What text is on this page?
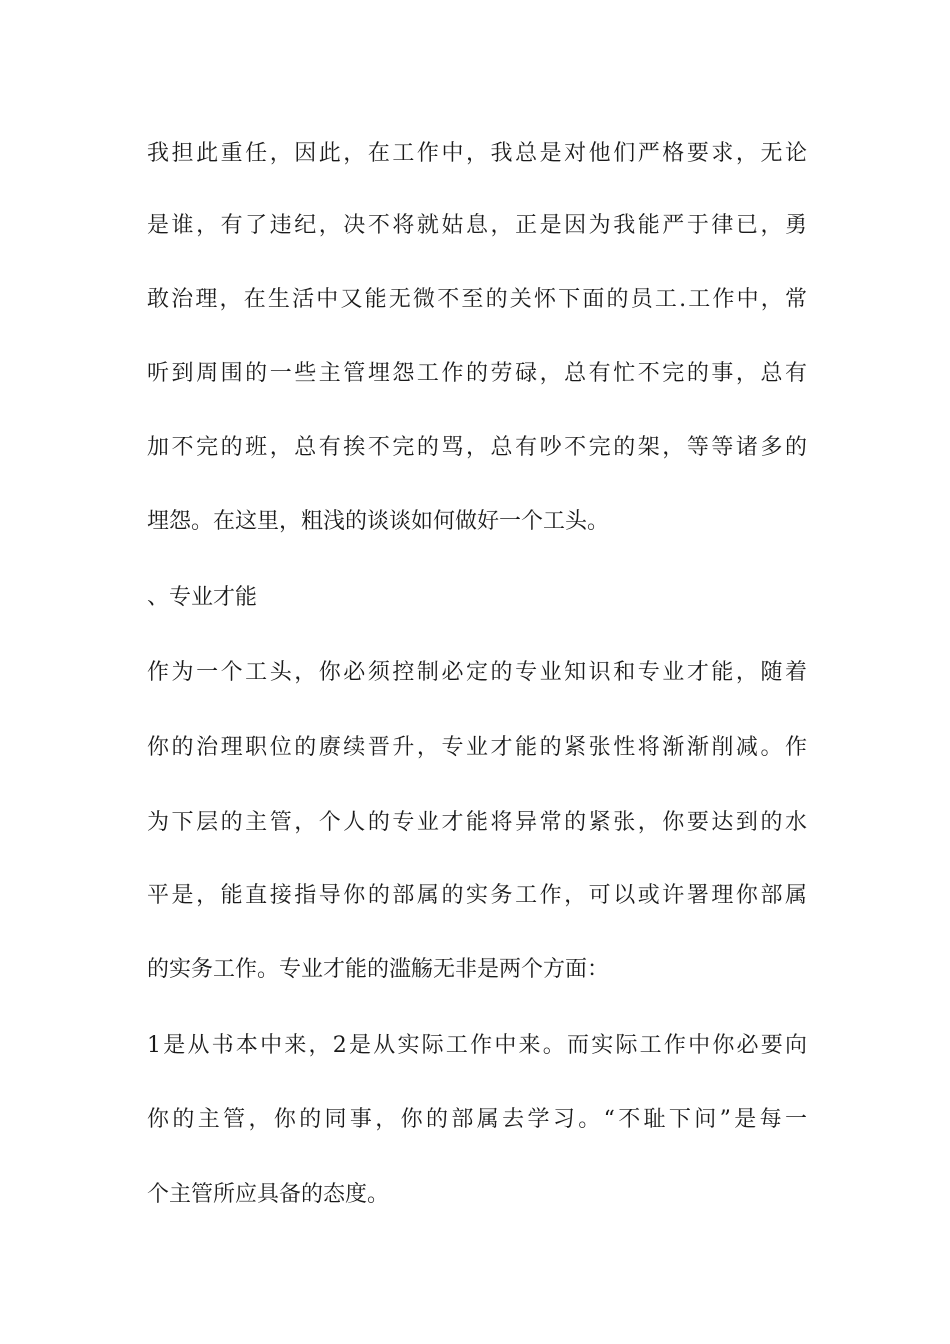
我担此重任，因此，在工作中，我总是对他们严格要求，无论
是谁，有了违纪，决不将就姑息，正是因为我能严于律已，勇
敢治理，在生活中又能无微不至的关怀下面的员工.工作中，常
听到周围的一些主管埋怨工作的劳碌，总有忙不完的事，总有
加不完的班，总有挨不完的骂，总有吵不完的架，等等诸多的
埋怨。在这里，粗浅的谈谈如何做好一个工头。
、专业才能
作为一个工头，你必须控制必定的专业知识和专业才能，随着
你的治理职位的赓续晋升，专业才能的紧张性将渐渐削减。作
为下层的主管，个人的专业才能将异常的紧张，你要达到的水
平是，能直接指导你的部属的实务工作，可以或许署理你部属
的实务工作。专业才能的滥觞无非是两个方面：
1是从书本中来，2是从实际工作中来。而实际工作中你必要向
你的主管，你的同事，你的部属去学习。“不耻下问”是每一
个主管所应具备的态度。
